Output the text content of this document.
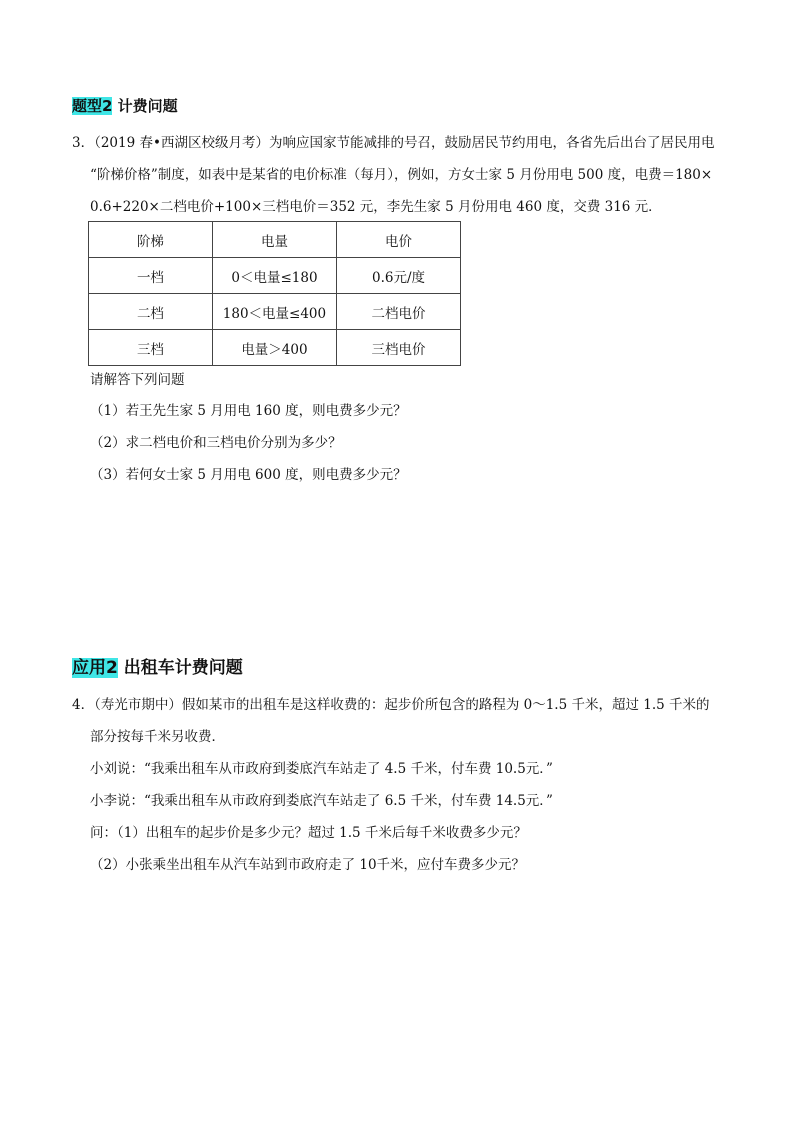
题型2 计费问题
3．（2019 春•西湖区校级月考）为响应国家节能减排的号召，鼓励居民节约用电，各省先后出台了居民用电
“阶梯价格”制度，如表中是某省的电价标准（每月），例如，方女士家 5 月份用电 500 度，电费＝180×
0.6+220×二档电价+100×三档电价＝352 元，李先生家 5 月份用电 460 度，交费 316 元．
阶梯	电量	电价
一档	0＜电量≤180	0.6元/度
二档	180＜电量≤400	二档电价
三档	电量＞400	三档电价
请解答下列问题
（1）若王先生家 5 月用电 160 度，则电费多少元？
（2）求二档电价和三档电价分别为多少？
（3）若何女士家 5 月用电 600 度，则电费多少元？
应用2 出租车计费问题
4．（寿光市期中）假如某市的出租车是这样收费的：起步价所包含的路程为 0～1.5 千米，超过 1.5 千米的
部分按每千米另收费．
小刘说：“我乘出租车从市政府到娄底汽车站走了 4.5 千米，付车费 10.5元．”
小李说：“我乘出租车从市政府到娄底汽车站走了 6.5 千米，付车费 14.5元．”
问：（1）出租车的起步价是多少元？超过 1.5 千米后每千米收费多少元？
（2）小张乘坐出租车从汽车站到市政府走了 10千米，应付车费多少元？
